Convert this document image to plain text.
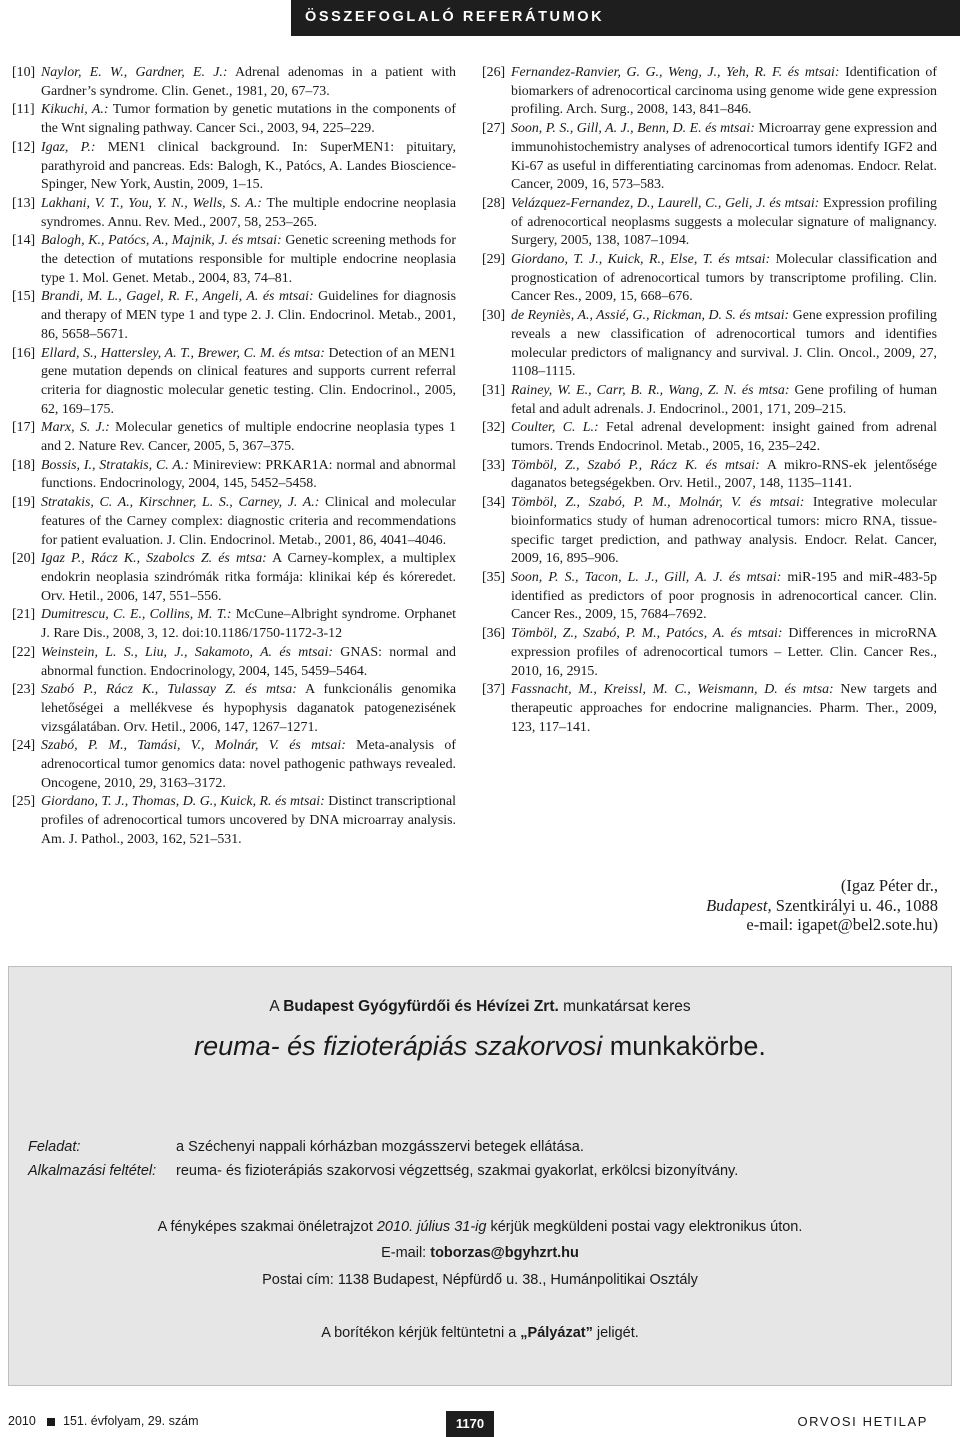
ÖSSZEFOGLALÓ REFERÁTUMOK
[10] Naylor, E. W., Gardner, E. J.: Adrenal adenomas in a patient with Gardner’s syndrome. Clin. Genet., 1981, 20, 67–73.
[11] Kikuchi, A.: Tumor formation by genetic mutations in the components of the Wnt signaling pathway. Cancer Sci., 2003, 94, 225–229.
[12] Igaz, P.: MEN1 clinical background. In: SuperMEN1: pituitary, parathyroid and pancreas. Eds: Balogh, K., Patócs, A. Landes Bioscience-Spinger, New York, Austin, 2009, 1–15.
[13] Lakhani, V. T., You, Y. N., Wells, S. A.: The multiple endocrine neoplasia syndromes. Annu. Rev. Med., 2007, 58, 253–265.
[14] Balogh, K., Patócs, A., Majnik, J. és mtsai: Genetic screening methods for the detection of mutations responsible for multiple endocrine neoplasia type 1. Mol. Genet. Metab., 2004, 83, 74–81.
[15] Brandi, M. L., Gagel, R. F., Angeli, A. és mtsai: Guidelines for diagnosis and therapy of MEN type 1 and type 2. J. Clin. Endocrinol. Metab., 2001, 86, 5658–5671.
[16] Ellard, S., Hattersley, A. T., Brewer, C. M. és mtsa: Detection of an MEN1 gene mutation depends on clinical features and supports current referral criteria for diagnostic molecular genetic testing. Clin. Endocrinol., 2005, 62, 169–175.
[17] Marx, S. J.: Molecular genetics of multiple endocrine neoplasia types 1 and 2. Nature Rev. Cancer, 2005, 5, 367–375.
[18] Bossis, I., Stratakis, C. A.: Minireview: PRKAR1A: normal and abnormal functions. Endocrinology, 2004, 145, 5452–5458.
[19] Stratakis, C. A., Kirschner, L. S., Carney, J. A.: Clinical and molecular features of the Carney complex: diagnostic criteria and recommendations for patient evaluation. J. Clin. Endocrinol. Metab., 2001, 86, 4041–4046.
[20] Igaz P., Rácz K., Szabolcs Z. és mtsa: A Carney-komplex, a multiplex endokrin neoplasia szindrómák ritka formája: klinikai kép és kóreredet. Orv. Hetil., 2006, 147, 551–556.
[21] Dumitrescu, C. E., Collins, M. T.: McCune–Albright syndrome. Orphanet J. Rare Dis., 2008, 3, 12. doi:10.1186/1750-1172-3-12
[22] Weinstein, L. S., Liu, J., Sakamoto, A. és mtsai: GNAS: normal and abnormal function. Endocrinology, 2004, 145, 5459–5464.
[23] Szabó P., Rácz K., Tulassay Z. és mtsa: A funkcionális genomika lehetőségei a mellékvese és hypophysis daganatok patogenezisének vizsgálatában. Orv. Hetil., 2006, 147, 1267–1271.
[24] Szabó, P. M., Tamási, V., Molnár, V. és mtsai: Meta-analysis of adrenocortical tumor genomics data: novel pathogenic pathways revealed. Oncogene, 2010, 29, 3163–3172.
[25] Giordano, T. J., Thomas, D. G., Kuick, R. és mtsai: Distinct transcriptional profiles of adrenocortical tumors uncovered by DNA microarray analysis. Am. J. Pathol., 2003, 162, 521–531.
[26] Fernandez-Ranvier, G. G., Weng, J., Yeh, R. F. és mtsai: Identification of biomarkers of adrenocortical carcinoma using genome wide gene expression profiling. Arch. Surg., 2008, 143, 841–846.
[27] Soon, P. S., Gill, A. J., Benn, D. E. és mtsai: Microarray gene expression and immunohistochemistry analyses of adrenocortical tumors identify IGF2 and Ki-67 as useful in differentiating carcinomas from adenomas. Endocr. Relat. Cancer, 2009, 16, 573–583.
[28] Velázquez-Fernandez, D., Laurell, C., Geli, J. és mtsai: Expression profiling of adrenocortical neoplasms suggests a molecular signature of malignancy. Surgery, 2005, 138, 1087–1094.
[29] Giordano, T. J., Kuick, R., Else, T. és mtsai: Molecular classification and prognostication of adrenocortical tumors by transcriptome profiling. Clin. Cancer Res., 2009, 15, 668–676.
[30] de Reyniès, A., Assié, G., Rickman, D. S. és mtsai: Gene expression profiling reveals a new classification of adrenocortical tumors and identifies molecular predictors of malignancy and survival. J. Clin. Oncol., 2009, 27, 1108–1115.
[31] Rainey, W. E., Carr, B. R., Wang, Z. N. és mtsa: Gene profiling of human fetal and adult adrenals. J. Endocrinol., 2001, 171, 209–215.
[32] Coulter, C. L.: Fetal adrenal development: insight gained from adrenal tumors. Trends Endocrinol. Metab., 2005, 16, 235–242.
[33] Tömböl, Z., Szabó P., Rácz K. és mtsai: A mikro-RNS-ek jelentősége daganatos betegségekben. Orv. Hetil., 2007, 148, 1135–1141.
[34] Tömböl, Z., Szabó, P. M., Molnár, V. és mtsai: Integrative molecular bioinformatics study of human adrenocortical tumors: micro RNA, tissue-specific target prediction, and pathway analysis. Endocr. Relat. Cancer, 2009, 16, 895–906.
[35] Soon, P. S., Tacon, L. J., Gill, A. J. és mtsai: miR-195 and miR-483-5p identified as predictors of poor prognosis in adrenocortical cancer. Clin. Cancer Res., 2009, 15, 7684–7692.
[36] Tömböl, Z., Szabó, P. M., Patócs, A. és mtsai: Differences in microRNA expression profiles of adrenocortical tumors – Letter. Clin. Cancer Res., 2010, 16, 2915.
[37] Fassnacht, M., Kreissl, M. C., Weismann, D. és mtsa: New targets and therapeutic approaches for endocrine malignancies. Pharm. Ther., 2009, 123, 117–141.
(Igaz Péter dr.,
Budapest, Szentkirályi u. 46., 1088
e-mail: igapet@bel2.sote.hu)
A Budapest Gyógyfürdői és Hévízei Zrt. munkatársat keres
reuma- és fizioterápiás szakorvosi munkakörbe.
Feladat:	a Széchenyi nappali kórházban mozgásszervi betegek ellátása.
Alkalmazási feltétel: reuma- és fizioterápiás szakorvosi végzettség, szakmai gyakorlat, erkölcsi bizonyítvány.
A fényképes szakmai önéletrajzot 2010. július 31-ig kérjük megküldeni postai vagy elektronikus úton.
E-mail: toborzas@bgyhzrt.hu
Postai cím: 1138 Budapest, Népfürdő u. 38., Humánpolitikai Osztály
A borítékon kérjük feltüntetni a „Pályázat” jeligét.
2010 151. évfolyam, 29. szám	1170	ORVOSI HETILAP
